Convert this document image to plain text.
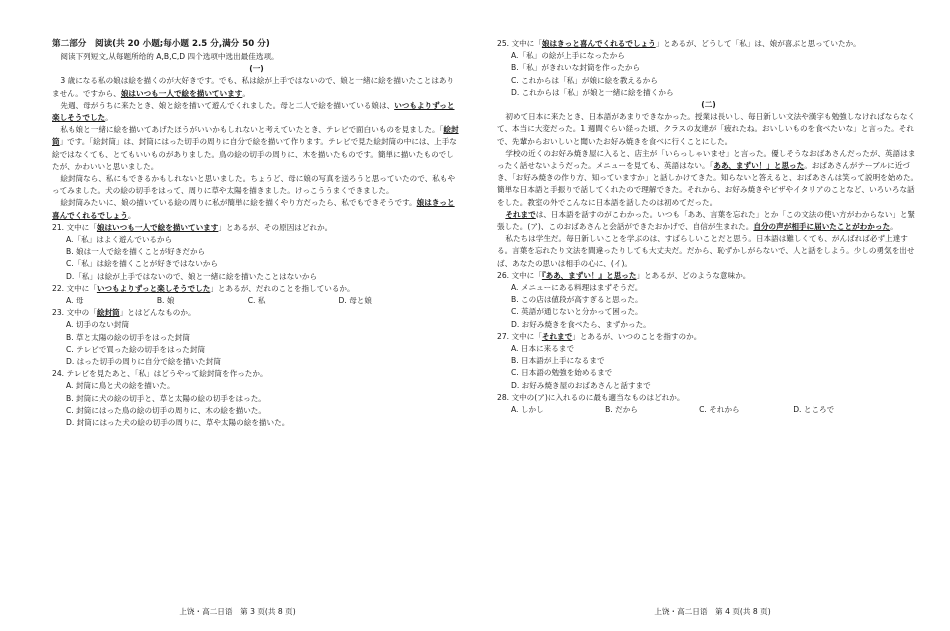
第二部分　阅读(共 20 小题;每小题 2.5 分,满分 50 分)
阅读下列短文,从每题所给的 A,B,C,D 四个选项中选出最佳选项。
(一)

3 歳になる私の娘は絵を描くのが大好きです。でも、私は絵が上手ではないので、娘と一緒に絵を描いたことはありません。ですから、娘はいつも一人で絵を描いています。

先週、母がうちに来たとき、娘と絵を描いて遊んでくれました。母と二人で絵を描いている娘は、いつもよりずっと楽しそうでした。

私も娘と一緒に絵を描いてあげたほうがいいかもしれないと考えていたとき、テレビで面白いものを見ました。「絵封筒」です。「絵封筒」は、封筒にはった切手の周りに自分で絵を描いて作ります。テレビで見た絵封筒の中には、上手な絵ではなくても、とてもいいものがありました。鳥の絵の切手の周りに、木を描いたものです。簡単に描いたものでしたが、かわいいと思いました。

絵封筒なら、私にもできるかもしれないと思いました。ちょうど、母に娘の写真を送ろうと思っていたので、私もやってみました。犬の絵の切手をはって、周りに草や太陽を描きました。けっこううまくできました。

絵封筒みたいに、娘の描いている絵の周りに私が簡単に絵を描くやり方だったら、私でもできそうです。娘はきっと喜んでくれるでしょう。

21. 文中に「娘はいつも一人で絵を描いています」とあるが、その原因はどれか。

A.「私」はよく遊んでいるから

B. 娘は一人で絵を描くことが好きだから

C.「私」は絵を描くことが好きではないから

D.「私」は絵が上手ではないので、娘と一緒に絵を描いたことはないから

22. 文中に「いつもよりずっと楽しそうでした」とあるが、だれのことを指しているか。

A. 母	B. 娘	C. 私	D. 母と娘

23. 文中の「絵封筒」とはどんなものか。

A. 切手のない封筒

B. 草と太陽の絵の切手をはった封筒

C. テレビで買った絵の切手をはった封筒

D. はった切手の周りに自分で絵を描いた封筒

24. テレビを見たあと、「私」はどうやって絵封筒を作ったか。

A. 封筒に鳥と犬の絵を描いた。

B. 封筒に犬の絵の切手と、草と太陽の絵の切手をはった。

C. 封筒にはった鳥の絵の切手の周りに、木の絵を描いた。

D. 封筒にはった犬の絵の切手の周りに、草や太陽の絵を描いた。

上饶・高二日语　第 3 页(共 8 页)

25. 文中に「娘はきっと喜んでくれるでしょう」とあるが、どうして「私」は、娘が喜ぶと思っていたか。

A.「私」の絵が上手になったから

B.「私」がきれいな封筒を作ったから

C. これからは「私」が娘に絵を教えるから

D. これからは「私」が娘と一緒に絵を描くから

(二)

初めて日本に来たとき、日本語があまりできなかった。授業は長いし、毎日新しい文法や漢字も勉強しなければならなくて、本当に大変だった。1 週間ぐらい経った頃、クラスの友達が「疲れたね。おいしいものを食べたいな」と言った。それで、先輩からおいしいと聞いたお好み焼きを食べに行くことにした。

学校の近くのお好み焼き屋に入ると、店主が「いらっしゃいませ」と言った。優しそうなおばあさんだったが、英語はまったく話せないようだった。メニューを見ても、英語はない。「ああ、まずい！」と思った。おばあさんがテーブルに近づき、「お好み焼きの作り方、知っていますか」と話しかけてきた。知らないと答えると、おばあさんは笑って説明を始めた。簡単な日本語と手振りで話してくれたので理解できた。それから、お好み焼きやピザやイタリアのことなど、いろいろな話をした。教室の外でこんなに日本語を話したのは初めてだった。

それまでは、日本語を話すのがこわかった。いつも「ああ、言葉を忘れた」とか「この文法の使い方がわからない」と緊張した。(ア)、このおばあさんと会話ができたおかげで、自信が生まれた。自分の声が相手に届いたことがわかった。

私たちは学生だ。毎日新しいことを学ぶのは、すばらしいことだと思う。日本語は難しくても、がんばれば必ず上達する。言葉を忘れたり文法を間違ったりしても大丈夫だ。だから、恥ずかしがらないで、人と話をしよう。少しの勇気を出せば、あなたの思いは相手の心に、(イ)。

26. 文中に「『ああ、まずい！』と思った」とあるが、どのような意味か。

A. メニューにある料理はまずそうだ。

B. この店は値段が高すぎると思った。

C. 英語が通じないと分かって困った。

D. お好み焼きを食べたら、まずかった。

27. 文中に「それまで」とあるが、いつのことを指すのか。

A. 日本に来るまで

B. 日本語が上手になるまで

C. 日本語の勉強を始めるまで

D. お好み焼き屋のおばあさんと話すまで

28. 文中の(ア)に入れるのに最も適当なものはどれか。

A. しかし	B. だから	C. それから	D. ところで
上饶・高二日语　第 4 页(共 8 页)
